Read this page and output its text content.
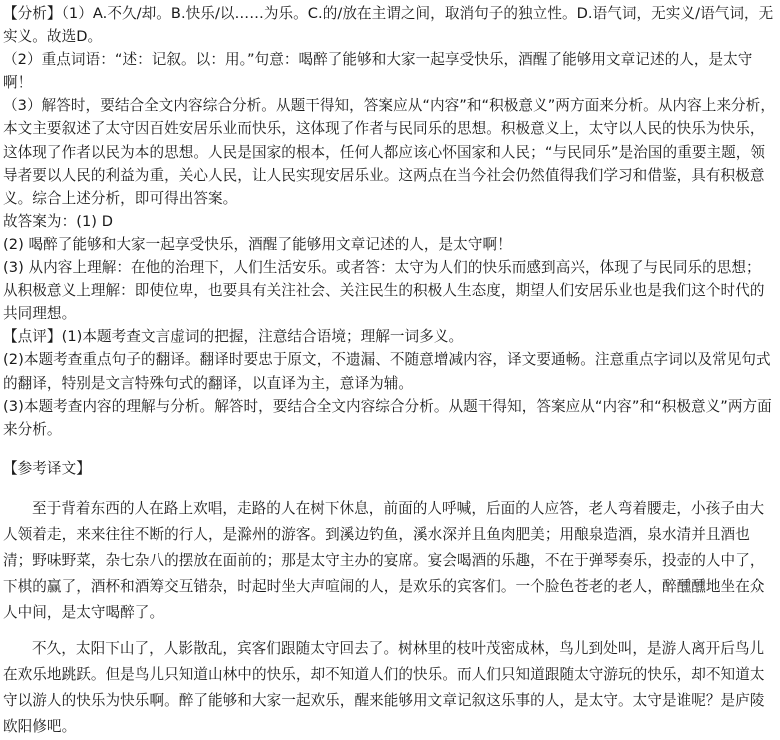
【分析】（1）A.不久/却。B.快乐/以……为乐。C.的/放在主谓之间，取消句子的独立性。D.语气词，无实义/语气词，无实义。故选D。

（2）重点词语：“述：记叙。以：用。”句意：喝醉了能够和大家一起享受快乐，酒醒了能够用文章记述的人，是太守啊！

（3）解答时，要结合全文内容综合分析。从题干得知，答案应从“内容”和“积极意义”两方面来分析。从内容上来分析，本文主要叙述了太守因百姓安居乐业而快乐，这体现了作者与民同乐的思想。积极意义上，太守以人民的快乐为快乐，这体现了作者以民为本的思想。人民是国家的根本，任何人都应该心怀国家和人民；“与民同乐”是治国的重要主题，领导者要以人民的利益为重，关心人民，让人民实现安居乐业。这两点在当今社会仍然值得我们学习和借鉴，具有积极意义。综合上述分析，即可得出答案。

故答案为：(1) D

(2) 喝醉了能够和大家一起享受快乐，酒醒了能够用文章记述的人，是太守啊！

(3) 从内容上理解：在他的治理下，人们生活安乐。或者答：太守为人们的快乐而感到高兴，体现了与民同乐的思想；从积极意义上理解：即使位卑，也要具有关注社会、关注民生的积极人生态度，期望人们安居乐业也是我们这个时代的共同理想。

【点评】(1)本题考查文言虚词的把握，注意结合语境；理解一词多义。

(2)本题考查重点句子的翻译。翻译时要忠于原文，不遗漏、不随意增减内容，译文要通畅。注意重点字词以及常见句式的翻译，特别是文言特殊句式的翻译，以直译为主，意译为辅。

(3)本题考查内容的理解与分析。解答时，要结合全文内容综合分析。从题干得知，答案应从“内容”和“积极意义”两方面来分析。

【参考译文】

至于背着东西的人在路上欢唱，走路的人在树下休息，前面的人呼喊，后面的人应答，老人弯着腰走，小孩子由大人领着走，来来往往不断的行人，是滁州的游客。到溪边钓鱼，溪水深并且鱼肉肥美；用酿泉造酒，泉水清并且酒也清；野味野菜，杂七杂八的摆放在面前的；那是太守主办的宴席。宴会喝酒的乐趣，不在于弹琴奏乐，投壶的人中了，下棋的赢了，酒杯和酒筹交互错杂，时起时坐大声喧闹的人，是欢乐的宾客们。一个脸色苍老的老人，醉醺醺地坐在众人中间，是太守喝醉了。

不久，太阳下山了，人影散乱，宾客们跟随太守回去了。树林里的枝叶茂密成林，鸟儿到处叫，是游人离开后鸟儿在欢乐地跳跃。但是鸟儿只知道山林中的快乐，却不知道人们的快乐。而人们只知道跟随太守游玩的快乐，却不知道太守以游人的快乐为快乐啊。醉了能够和大家一起欢乐，醒来能够用文章记叙这乐事的人，是太守。太守是谁呢？是庐陵欧阳修吧。
